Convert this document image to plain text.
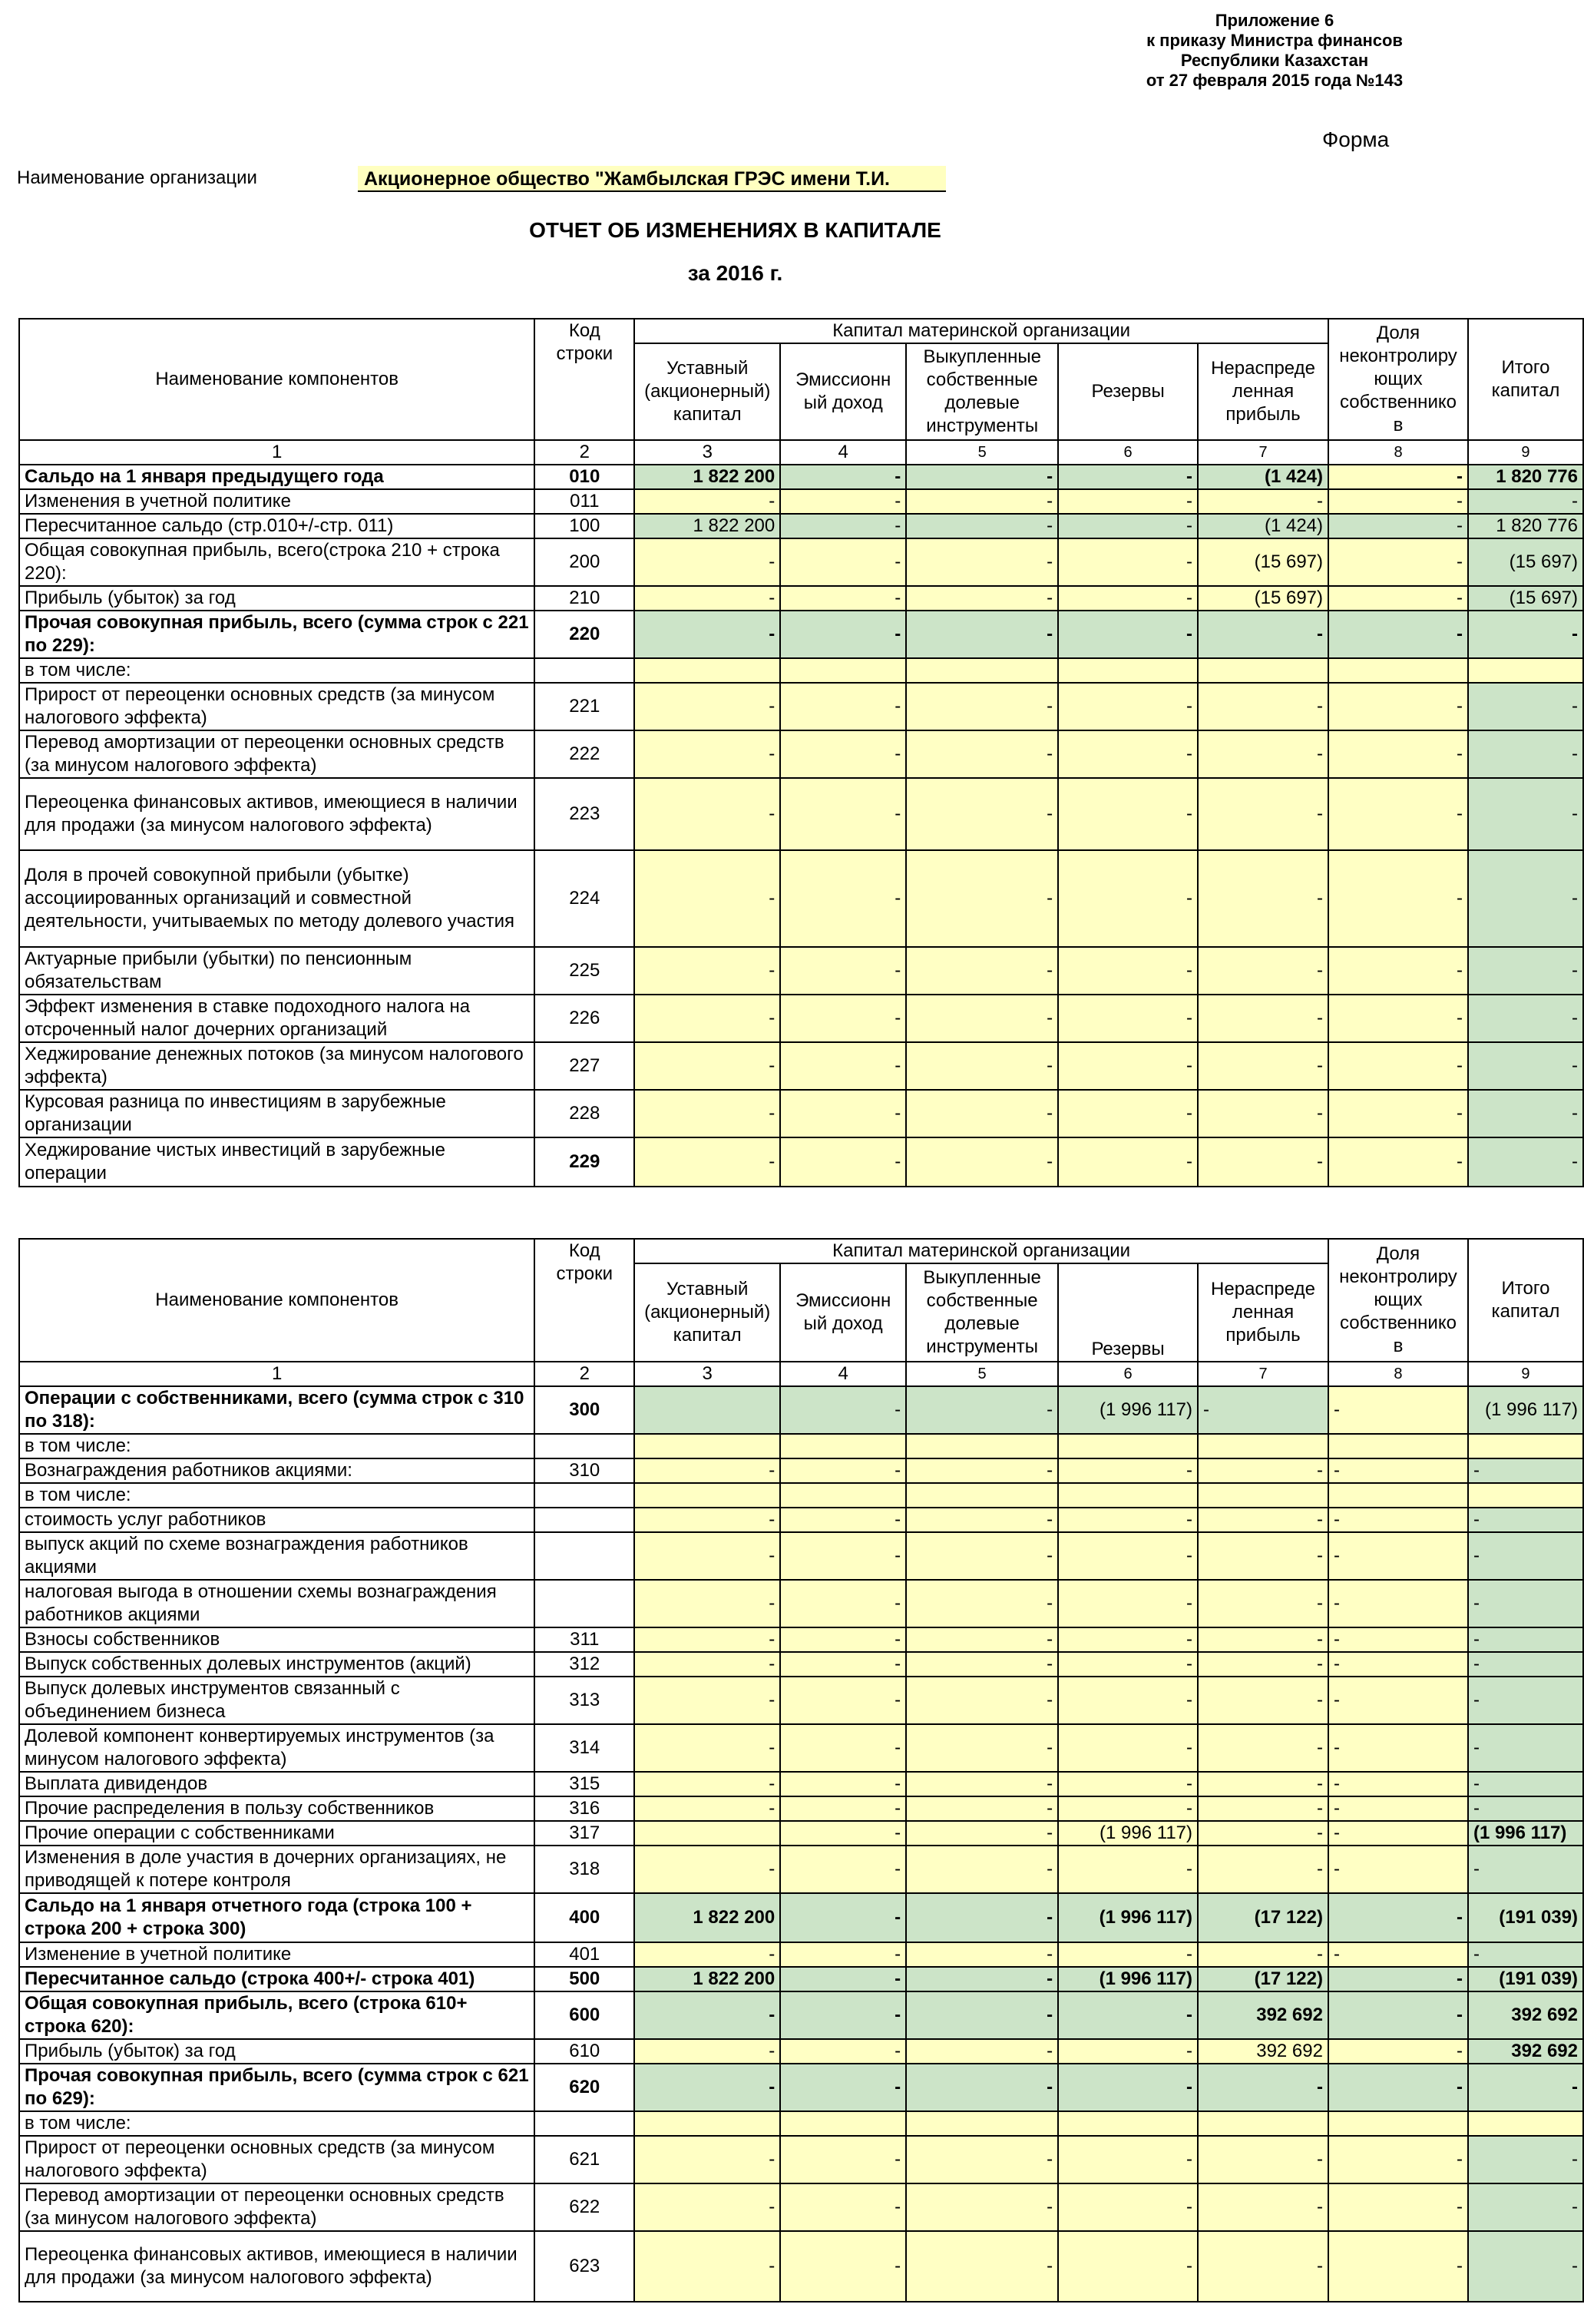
Приложение 6
к приказу Министра финансов
Республики Казахстан
от 27 февраля 2015 года №143
Форма
Наименование организации	Акционерное общество "Жамбылская ГРЭС имени Т.И.
ОТЧЕТ ОБ ИЗМЕНЕНИЯХ В КАПИТАЛЕ
за 2016 г.
Наименование компонентов	Код строки	Капитал материнской организации					Доля неконтролиру ющих собственнико в	Итого капитал
		Уставный (акционерный) капитал	Эмиссионн ый доход	Выкупленные собственные долевые инструменты	Резервы	Нераспреде ленная прибыль		
1	2	3	4	5	6	7	8	9
Сальдо на 1 января предыдущего года	010	1 822 200	-	-	-	(1 424)	-	1 820 776
Изменения в учетной политике	011	-	-	-	-	-	-	-
Пересчитанное сальдо (стр.010+/-стр. 011)	100	1 822 200	-	-	-	(1 424)	-	1 820 776
Общая совокупная прибыль, всего(строка 210 + строка 220):	200	-	-	-	-	(15 697)	-	(15 697)
Прибыль (убыток) за год	210	-	-	-	-	(15 697)	-	(15 697)
Прочая совокупная прибыль, всего (сумма строк с 221 по 229):	220	-	-	-	-	-	-	-
в том числе:								
Прирост от переоценки основных средств (за минусом налогового эффекта)	221	-	-	-	-	-	-	-
Перевод амортизации от переоценки основных средств (за минусом налогового эффекта)	222	-	-	-	-	-	-	-
Переоценка финансовых активов, имеющиеся в наличии для продажи (за минусом налогового эффекта)	223	-	-	-	-	-	-	-
Доля в прочей совокупной прибыли (убытке) ассоциированных организаций и совместной деятельности, учитываемых по методу долевого участия	224	-	-	-	-	-	-	-
Актуарные прибыли (убытки) по пенсионным обязательствам	225	-	-	-	-	-	-	-
Эффект изменения в ставке подоходного налога на отсроченный налог дочерних организаций	226	-	-	-	-	-	-	-
Хеджирование денежных потоков (за минусом налогового эффекта)	227	-	-	-	-	-	-	-
Курсовая разница по инвестициям в зарубежные организации	228	-	-	-	-	-	-	-
Хеджирование чистых инвестиций в зарубежные операции	229	-	-	-	-	-	-	-
Наименование компонентов	Код строки	Капитал материнской организации					Доля неконтролиру ющих собственнико в	Итого капитал
		Уставный (акционерный) капитал	Эмиссионн ый доход	Выкупленные собственные долевые инструменты	Резервы	Нераспреде ленная прибыль		
1	2	3	4	5	6	7	8	9
Операции с собственниками, всего (сумма строк с 310 по 318):	300		-	-	(1 996 117)	-	-	(1 996 117)
в том числе:								
Вознаграждения работников акциями:	310	-	-	-	-	-	-	-
в том числе:								
стоимость услуг работников		-	-	-	-	-	-	-
выпуск акций по схеме вознаграждения работников акциями		-	-	-	-	-	-	-
налоговая выгода в отношении схемы вознаграждения работников акциями		-	-	-	-	-	-	-
Взносы собственников	311	-	-	-	-	-	-	-
Выпуск собственных долевых инструментов (акций)	312	-	-	-	-	-	-	-
Выпуск долевых инструментов связанный с объединением бизнеса	313	-	-	-	-	-	-	-
Долевой компонент конвертируемых инструментов (за минусом налогового эффекта)	314	-	-	-	-	-	-	-
Выплата дивидендов	315	-	-	-	-	-	-	-
Прочие распределения в пользу собственников	316	-	-	-	-	-	-	-
Прочие операции с собственниками	317		-	-	(1 996 117)	-	-	(1 996 117)
Изменения в доле участия в дочерних организациях, не приводящей к потере контроля	318	-	-	-	-	-	-	-
Сальдо на 1 января отчетного года (строка 100 + строка 200 + строка 300)	400	1 822 200	-	-	(1 996 117)	(17 122)	-	(191 039)
Изменение в учетной политике	401	-	-	-	-	-	-	-
Пересчитанное сальдо (строка 400+/- строка 401)	500	1 822 200	-	-	(1 996 117)	(17 122)	-	(191 039)
Общая совокупная прибыль, всего (строка 610+ строка 620):	600	-	-	-	-	392 692	-	392 692
Прибыль (убыток) за год	610	-	-	-	-	392 692	-	392 692
Прочая совокупная прибыль, всего (сумма строк с 621 по 629):	620	-	-	-	-	-	-	-
в том числе:								
Прирост от переоценки основных средств (за минусом налогового эффекта)	621	-	-	-	-	-	-	-
Перевод амортизации от переоценки основных средств (за минусом налогового эффекта)	622	-	-	-	-	-	-	-
Переоценка финансовых активов, имеющиеся в наличии для продажи (за минусом налогового эффекта)	623	-	-	-	-	-	-	-
